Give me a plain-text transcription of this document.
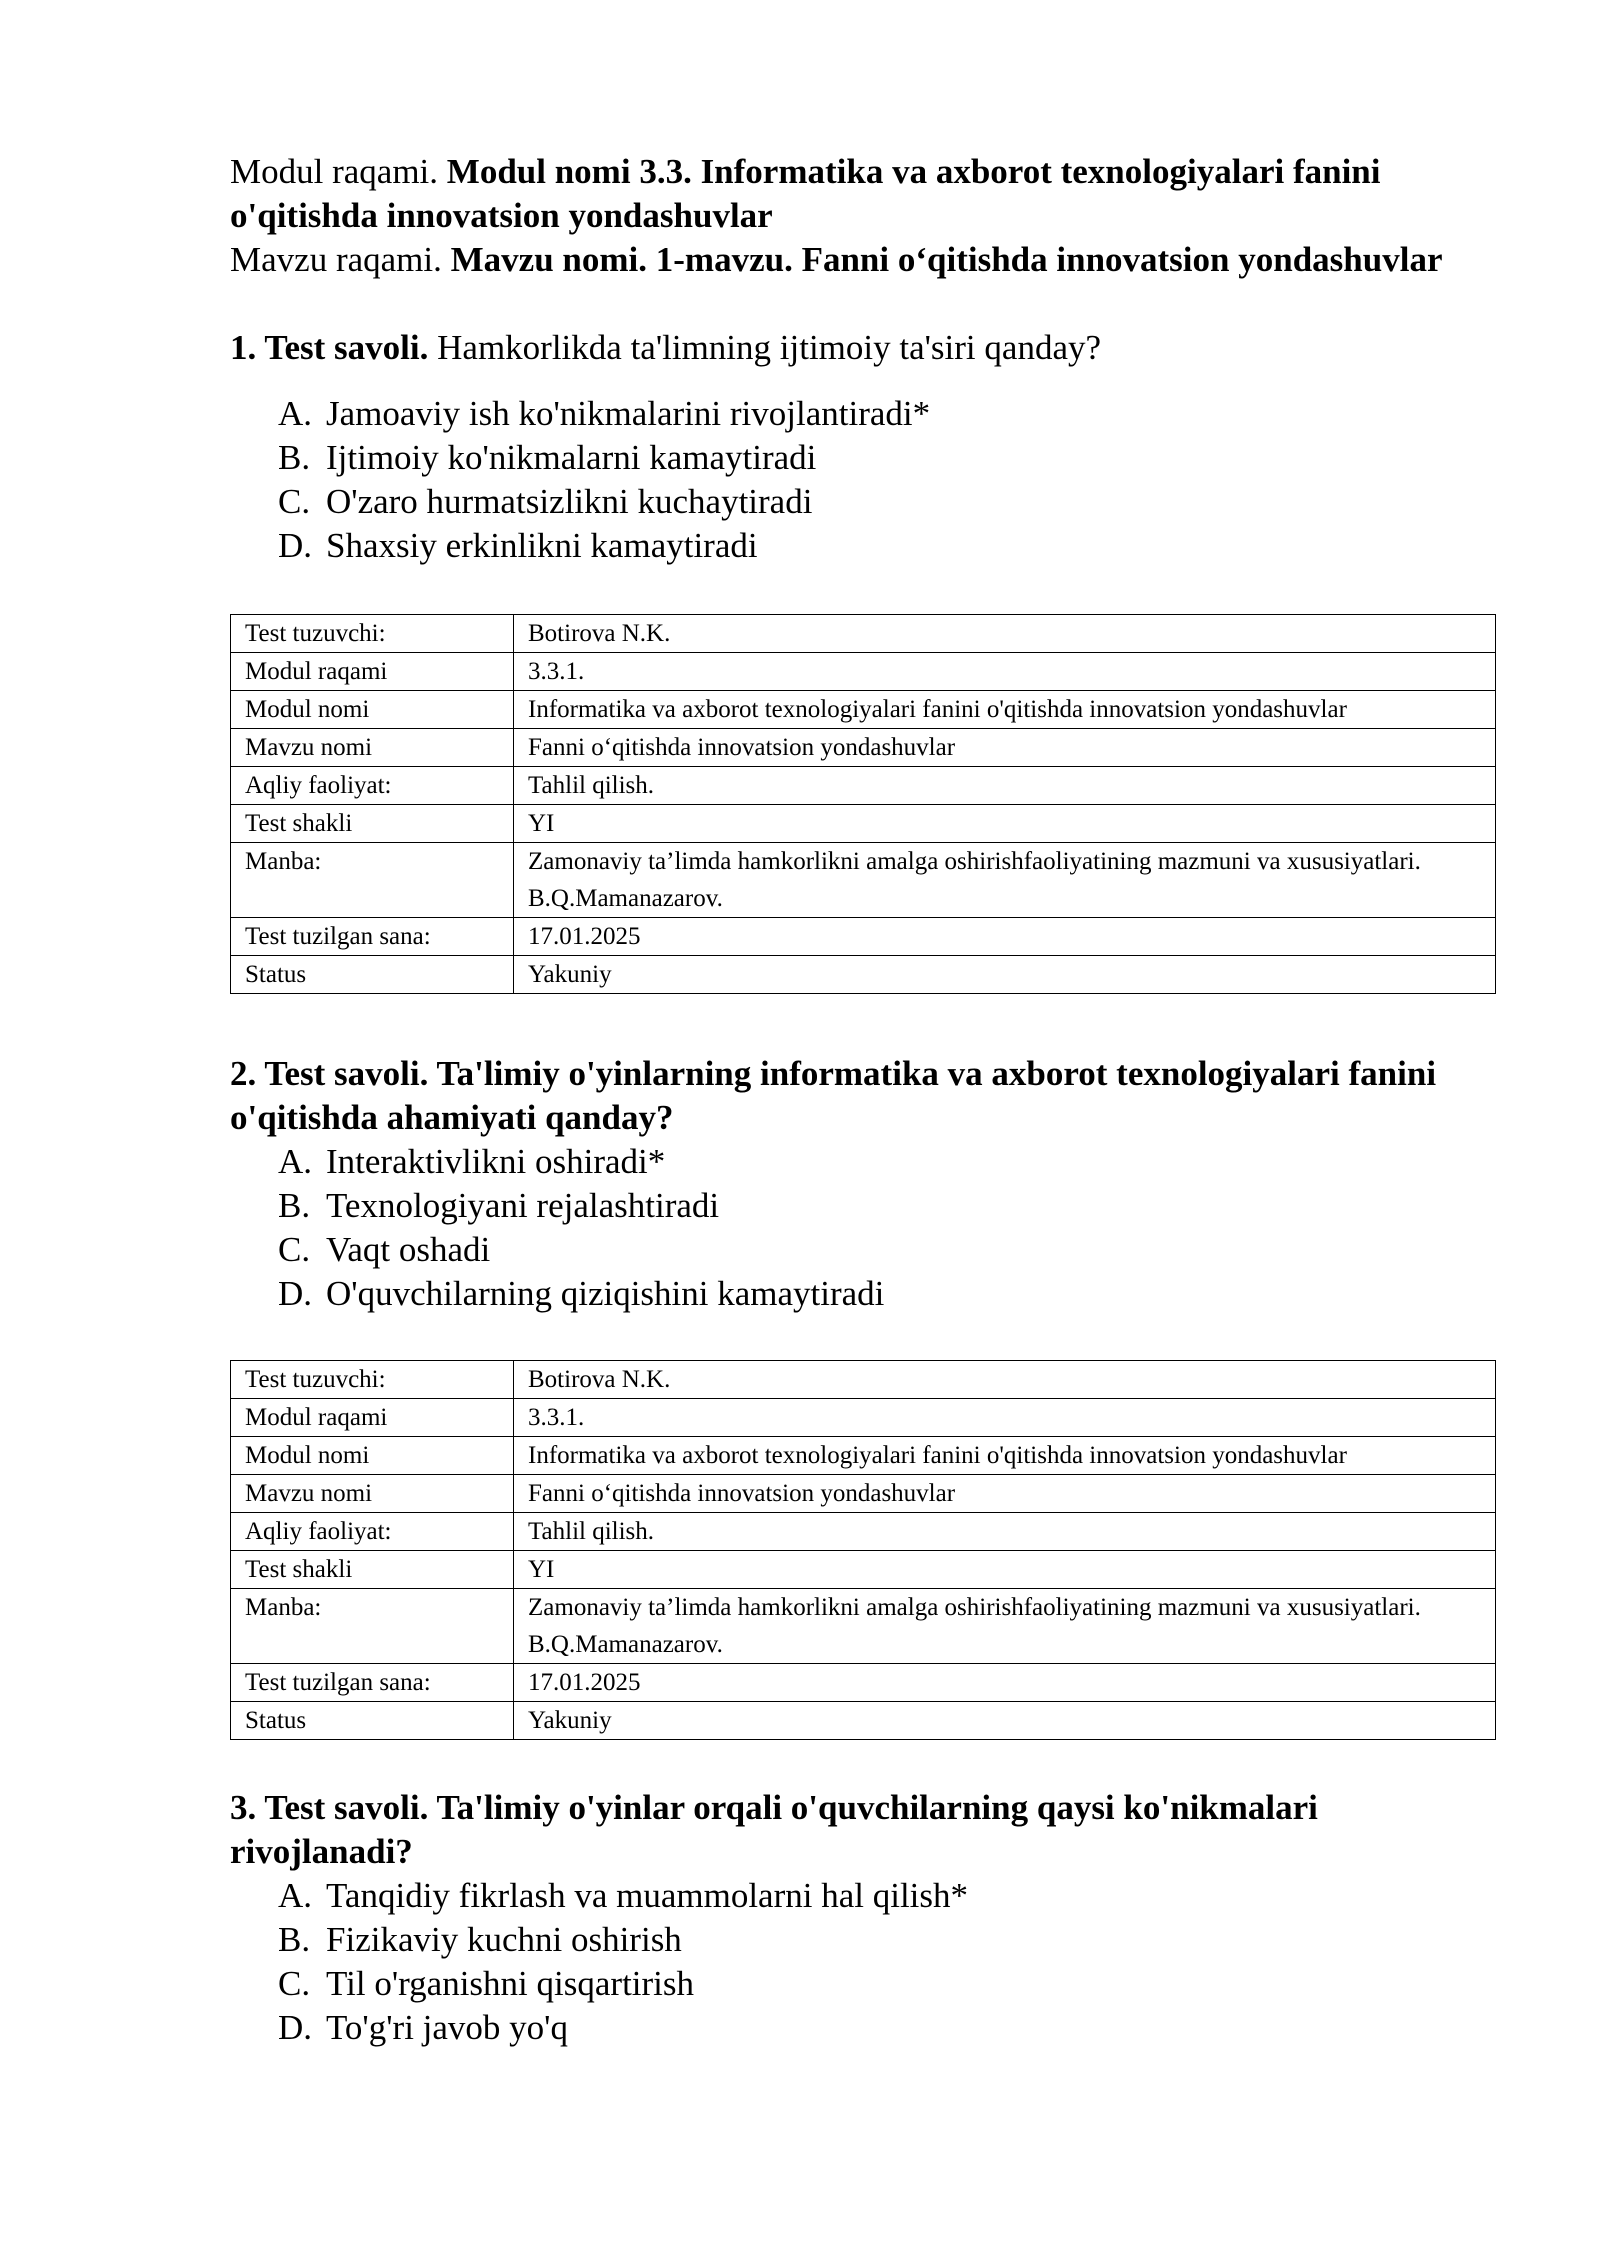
Modul raqami. Modul nomi 3.3. Informatika va axborot texnologiyalari fanini o'qitishda innovatsion yondashuvlar
Mavzu raqami. Mavzu nomi. 1-mavzu. Fanni o‘qitishda innovatsion yondashuvlar
1. Test savoli. Hamkorlikda ta'limning ijtimoiy ta'siri qanday?
A. Jamoaviy ish ko'nikmalarini rivojlantiradi*
B. Ijtimoiy ko'nikmalarni kamaytiradi
C. O'zaro hurmatsizlikni kuchaytiradi
D. Shaxsiy erkinlikni kamaytiradi
Test tuzuvchi:	Botirova N.K.
Modul raqami	3.3.1.
Modul nomi	Informatika va axborot texnologiyalari fanini o'qitishda innovatsion yondashuvlar
Mavzu nomi	Fanni o‘qitishda innovatsion yondashuvlar
Aqliy faoliyat:	Tahlil qilish.
Test shakli	YI
Manba:	Zamonaviy ta’limda hamkorlikni amalga oshirishfaoliyatining mazmuni va xususiyatlari. B.Q.Mamanazarov.
Test tuzilgan sana:	17.01.2025
Status	Yakuniy
2. Test savoli. Ta'limiy o'yinlarning informatika va axborot texnologiyalari fanini o'qitishda ahamiyati qanday?
A. Interaktivlikni oshiradi*
B. Texnologiyani rejalashtiradi
C. Vaqt oshadi
D. O'quvchilarning qiziqishini kamaytiradi
Test tuzuvchi:	Botirova N.K.
Modul raqami	3.3.1.
Modul nomi	Informatika va axborot texnologiyalari fanini o'qitishda innovatsion yondashuvlar
Mavzu nomi	Fanni o‘qitishda innovatsion yondashuvlar
Aqliy faoliyat:	Tahlil qilish.
Test shakli	YI
Manba:	Zamonaviy ta’limda hamkorlikni amalga oshirishfaoliyatining mazmuni va xususiyatlari. B.Q.Mamanazarov.
Test tuzilgan sana:	17.01.2025
Status	Yakuniy
3. Test savoli. Ta'limiy o'yinlar orqali o'quvchilarning qaysi ko'nikmalari rivojlanadi?
A. Tanqidiy fikrlash va muammolarni hal qilish*
B. Fizikaviy kuchni oshirish
C. Til o'rganishni qisqartirish
D. To'g'ri javob yo'q
